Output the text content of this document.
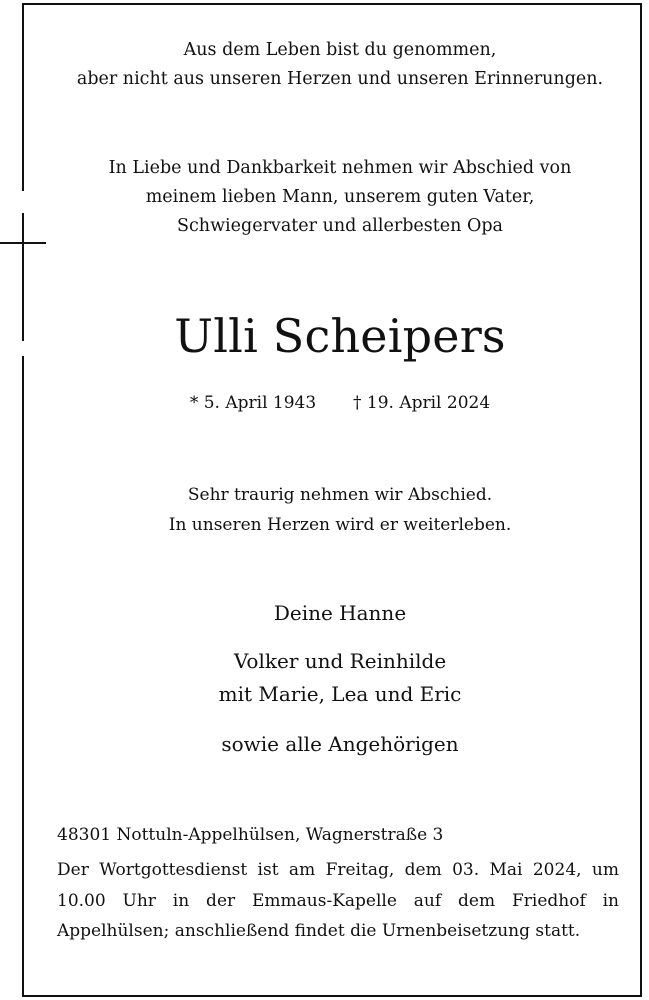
Aus dem Leben bist du genommen,
aber nicht aus unseren Herzen und unseren Erinnerungen.
In Liebe und Dankbarkeit nehmen wir Abschied von
meinem lieben Mann, unserem guten Vater,
Schwiegervater und allerbesten Opa
Ulli Scheipers
* 5. April 1943 † 19. April 2024
Sehr traurig nehmen wir Abschied.
In unseren Herzen wird er weiterleben.
Deine Hanne
Volker und Reinhilde
mit Marie, Lea und Eric
sowie alle Angehörigen
48301 Nottuln-Appelhülsen, Wagnerstraße 3
Der Wortgottesdienst ist am Freitag, dem 03. Mai 2024, um 10.00 Uhr in der Emmaus-Kapelle auf dem Friedhof in Appelhülsen; anschließend findet die Urnenbeisetzung statt.
